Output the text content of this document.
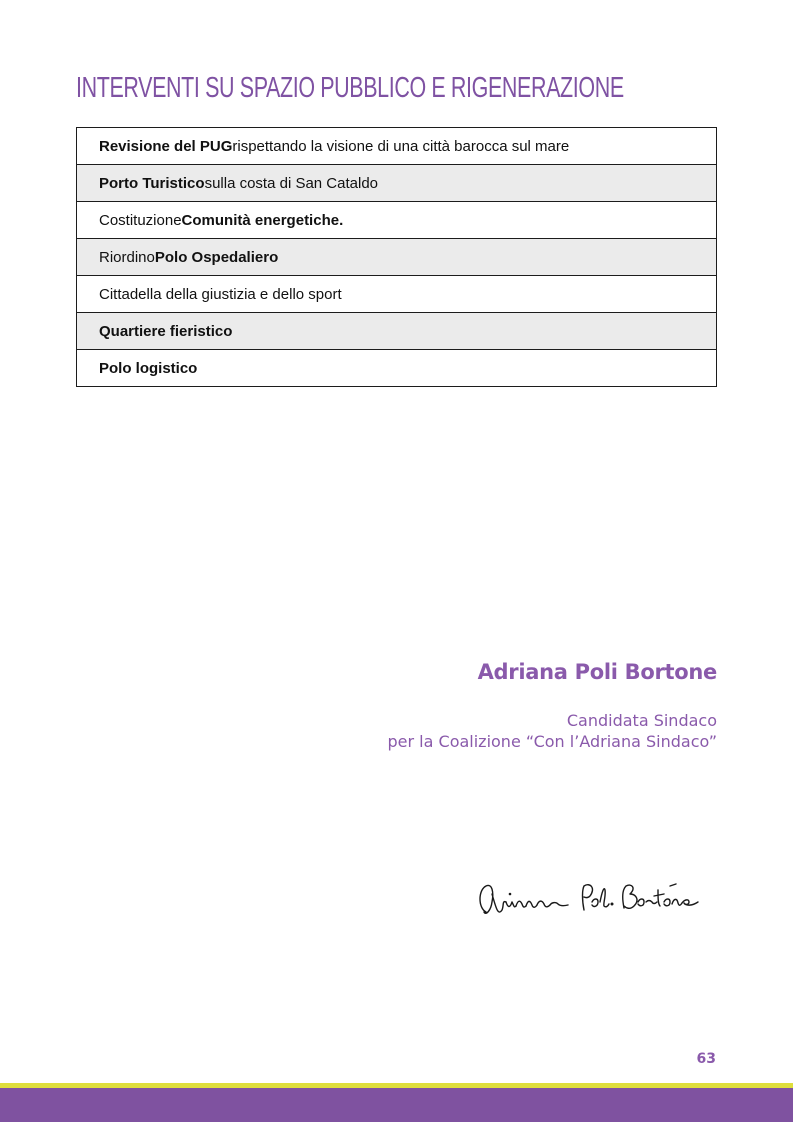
INTERVENTI SU SPAZIO PUBBLICO E RIGENERAZIONE
Revisione del PUG rispettando la visione di una città barocca sul mare
Porto Turistico sulla costa di San Cataldo
Costituzione Comunità energetiche.
Riordino Polo Ospedaliero
Cittadella della giustizia e dello sport
Quartiere fieristico
Polo logistico
Adriana Poli Bortone
Candidata Sindaco
per la Coalizione “Con l’Adriana Sindaco”
63
